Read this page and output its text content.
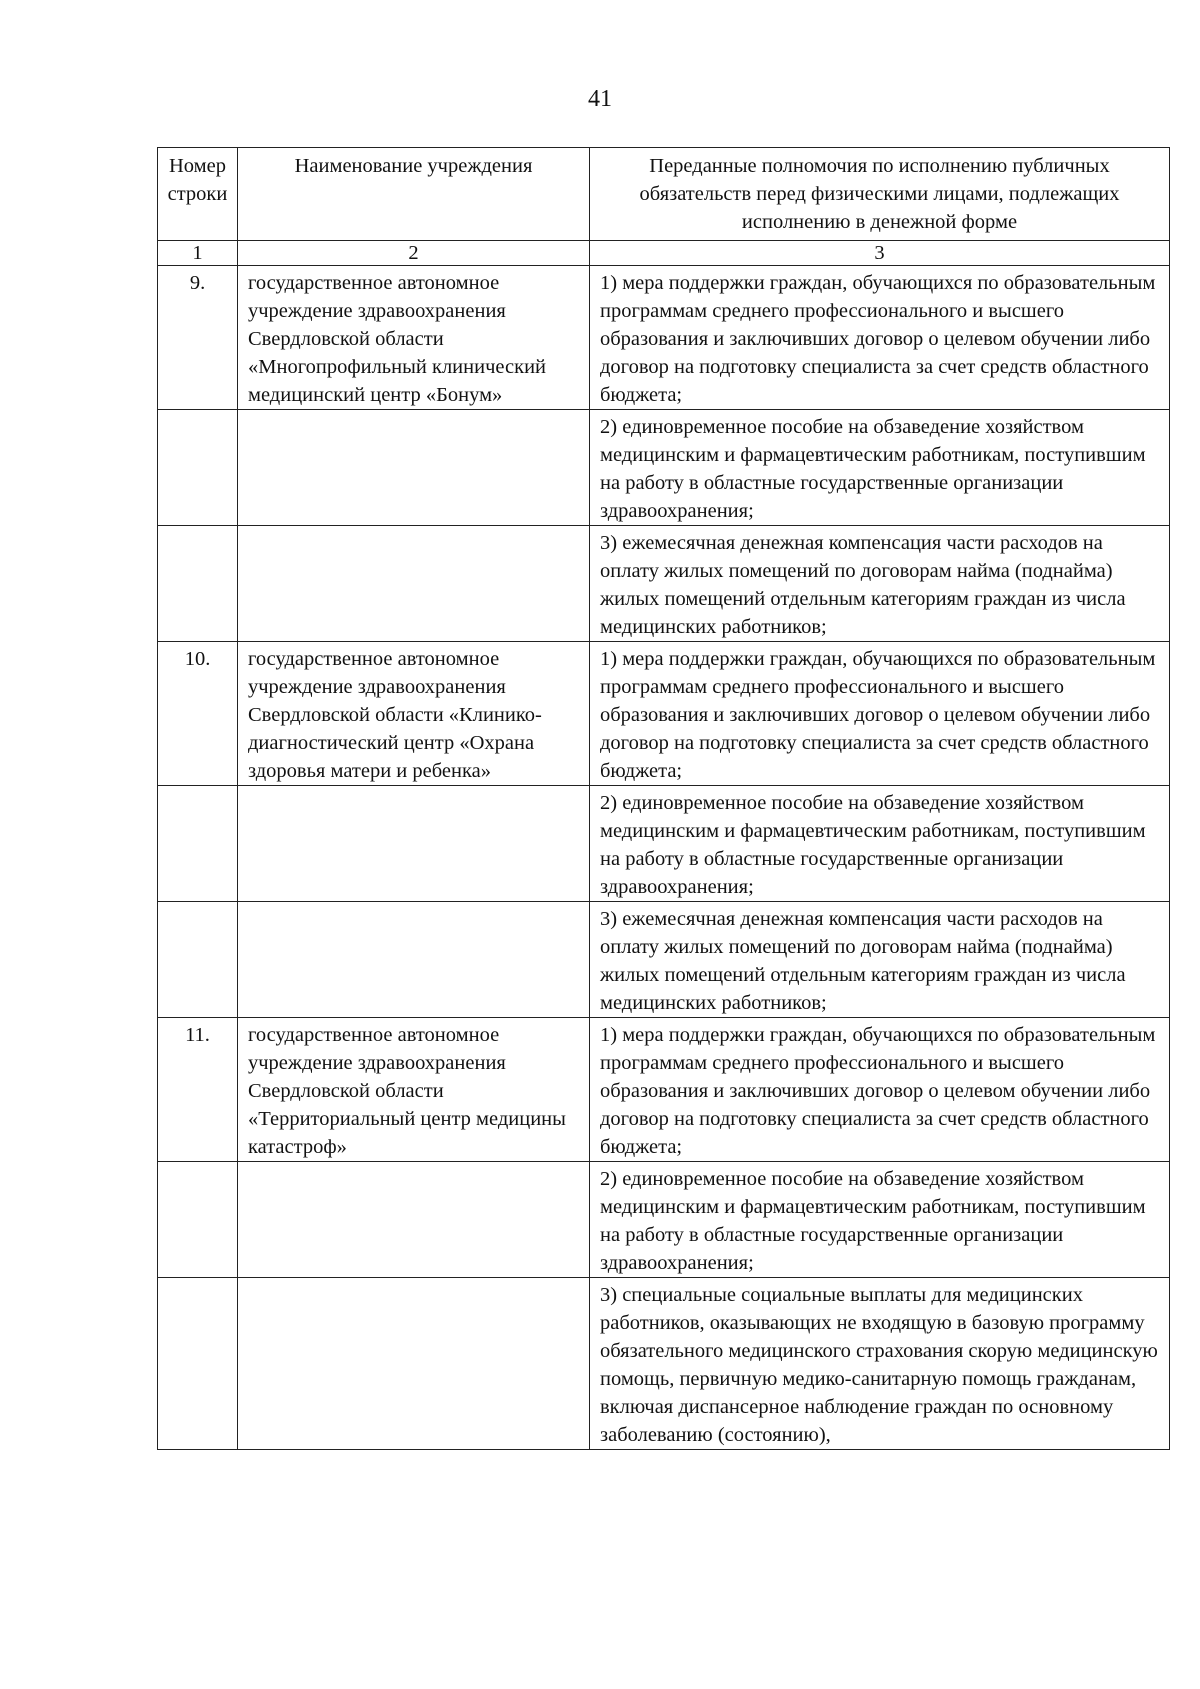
41
Номер строки	Наименование учреждения	Переданные полномочия по исполнению публичных обязательств перед физическими лицами, подлежащих исполнению в денежной форме
1	2	3
9.	государственное автономное учреждение здравоохранения Свердловской области «Многопрофильный клинический медицинский центр «Бонум»	1) мера поддержки граждан, обучающихся по образовательным программам среднего профессионального и высшего образования и заключивших договор о целевом обучении либо договор на подготовку специалиста за счет средств областного бюджета;

		2) единовременное пособие на обзаведение хозяйством медицинским и фармацевтическим работникам, поступившим на работу в областные государственные организации здравоохранения;

		3) ежемесячная денежная компенсация части расходов на оплату жилых помещений по договорам найма (поднайма) жилых помещений отдельным категориям граждан из числа медицинских работников;

10.	государственное автономное учреждение здравоохранения Свердловской области «Клинико-диагностический центр «Охрана здоровья матери и ребенка»	1) мера поддержки граждан, обучающихся по образовательным программам среднего профессионального и высшего образования и заключивших договор о целевом обучении либо договор на подготовку специалиста за счет средств областного бюджета;

		2) единовременное пособие на обзаведение хозяйством медицинским и фармацевтическим работникам, поступившим на работу в областные государственные организации здравоохранения;

		3) ежемесячная денежная компенсация части расходов на оплату жилых помещений по договорам найма (поднайма) жилых помещений отдельным категориям граждан из числа медицинских работников;

11.	государственное автономное учреждение здравоохранения Свердловской области «Территориальный центр медицины катастроф»	1) мера поддержки граждан, обучающихся по образовательным программам среднего профессионального и высшего образования и заключивших договор о целевом обучении либо договор на подготовку специалиста за счет средств областного бюджета;

		2) единовременное пособие на обзаведение хозяйством медицинским и фармацевтическим работникам, поступившим на работу в областные государственные организации здравоохранения;

		3) специальные социальные выплаты для медицинских работников, оказывающих не входящую в базовую программу обязательного медицинского страхования скорую медицинскую помощь, первичную медико-санитарную помощь гражданам, включая диспансерное наблюдение граждан по основному заболеванию (состоянию),
